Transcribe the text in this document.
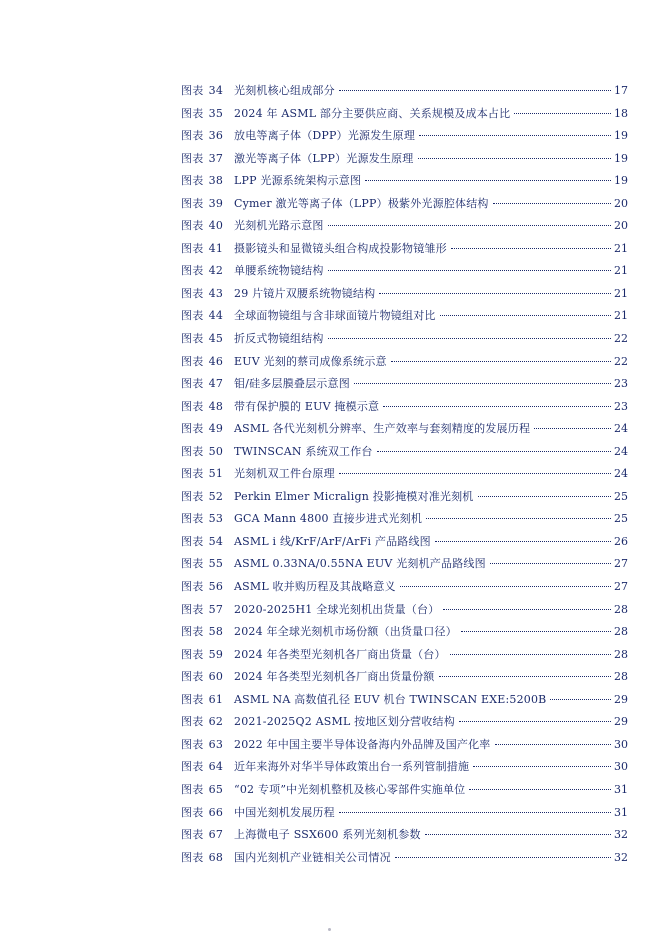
图表 34 光刻机核心组成部分	17
图表 35 2024 年 ASML 部分主要供应商、关系规模及成本占比	18
图表 36 放电等离子体（DPP）光源发生原理	19
图表 37 激光等离子体（LPP）光源发生原理	19
图表 38 LPP 光源系统架构示意图	19
图表 39 Cymer 激光等离子体（LPP）极紫外光源腔体结构	20
图表 40 光刻机光路示意图	20
图表 41 摄影镜头和显微镜头组合构成投影物镜雏形	21
图表 42 单腰系统物镜结构	21
图表 43 29 片镜片双腰系统物镜结构	21
图表 44 全球面物镜组与含非球面镜片物镜组对比	21
图表 45 折反式物镜组结构	22
图表 46 EUV 光刻的蔡司成像系统示意	22
图表 47 钼/硅多层膜叠层示意图	23
图表 48 带有保护膜的 EUV 掩模示意	23
图表 49 ASML 各代光刻机分辨率、生产效率与套刻精度的发展历程	24
图表 50 TWINSCAN 系统双工作台	24
图表 51 光刻机双工件台原理	24
图表 52 Perkin Elmer Micralign 投影掩模对准光刻机	25
图表 53 GCA Mann 4800 直接步进式光刻机	25
图表 54 ASML i 线/KrF/ArF/ArFi 产品路线图	26
图表 55 ASML 0.33NA/0.55NA EUV 光刻机产品路线图	27
图表 56 ASML 收并购历程及其战略意义	27
图表 57 2020-2025H1 全球光刻机出货量（台）	28
图表 58 2024 年全球光刻机市场份额（出货量口径）	28
图表 59 2024 年各类型光刻机各厂商出货量（台）	28
图表 60 2024 年各类型光刻机各厂商出货量份额	28
图表 61 ASML NA 高数值孔径 EUV 机台 TWINSCAN EXE:5200B	29
图表 62 2021-2025Q2 ASML 按地区划分营收结构	29
图表 63 2022 年中国主要半导体设备海内外品牌及国产化率	30
图表 64 近年来海外对华半导体政策出台一系列管制措施	30
图表 65 “02 专项”中光刻机整机及核心零部件实施单位	31
图表 66 中国光刻机发展历程	31
图表 67 上海微电子 SSX600 系列光刻机参数	32
图表 68 国内光刻机产业链相关公司情况	32
